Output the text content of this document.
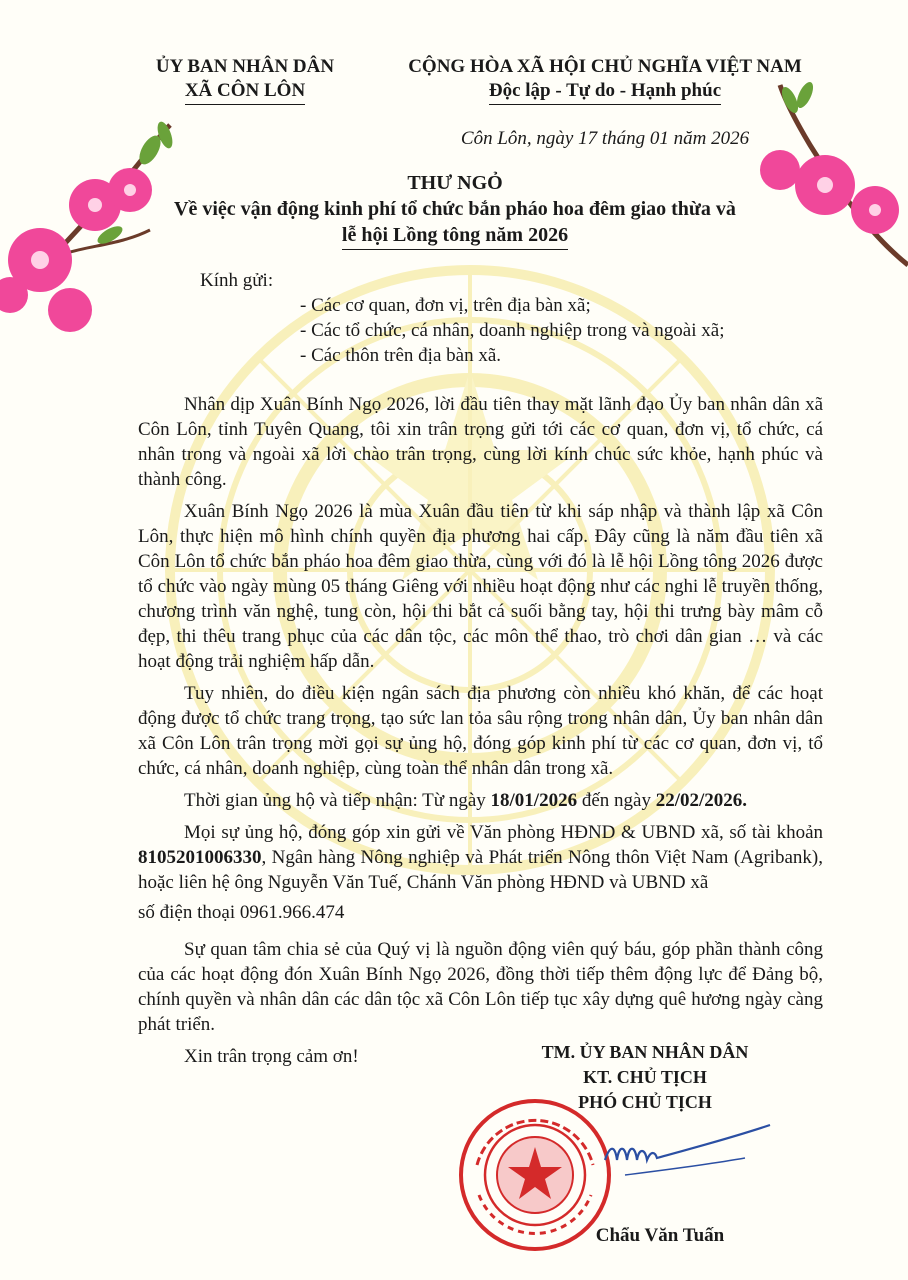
ỦY BAN NHÂN DÂN
XÃ CÔN LÔN
CỘNG HÒA XÃ HỘI CHỦ NGHĨA VIỆT NAM
Độc lập - Tự do - Hạnh phúc
Côn Lôn, ngày 17 tháng 01 năm 2026
THƯ NGỎ
Về việc vận động kinh phí tổ chức bắn pháo hoa đêm giao thừa và
lễ hội Lồng tông năm 2026
Kính gửi:
- Các cơ quan, đơn vị, trên địa bàn xã;
- Các tổ chức, cá nhân, doanh nghiệp trong và ngoài xã;
- Các thôn trên địa bàn xã.

Nhân dịp Xuân Bính Ngọ 2026, lời đầu tiên thay mặt lãnh đạo Ủy ban nhân dân xã Côn Lôn, tỉnh Tuyên Quang, tôi xin trân trọng gửi tới các cơ quan, đơn vị, tổ chức, cá nhân trong và ngoài xã lời chào trân trọng, cùng lời kính chúc sức khỏe, hạnh phúc và thành công.

Xuân Bính Ngọ 2026 là mùa Xuân đầu tiên từ khi sáp nhập và thành lập xã Côn Lôn, thực hiện mô hình chính quyền địa phương hai cấp. Đây cũng là năm đầu tiên xã Côn Lôn tổ chức bắn pháo hoa đêm giao thừa, cùng với đó là lễ hội Lồng tông 2026 được tổ chức vào ngày mùng 05 tháng Giêng với nhiều hoạt động như các nghi lễ truyền thống, chương trình văn nghệ, tung còn, hội thi bắt cá suối bằng tay, hội thi trưng bày mâm cỗ đẹp, thi thêu trang phục của các dân tộc, các môn thể thao, trò chơi dân gian … và các hoạt động trải nghiệm hấp dẫn.

Tuy nhiên, do điều kiện ngân sách địa phương còn nhiều khó khăn, để các hoạt động được tổ chức trang trọng, tạo sức lan tỏa sâu rộng trong nhân dân, Ủy ban nhân dân xã Côn Lôn trân trọng mời gọi sự ủng hộ, đóng góp kinh phí từ các cơ quan, đơn vị, tổ chức, cá nhân, doanh nghiệp, cùng toàn thể nhân dân trong xã.

Thời gian ủng hộ và tiếp nhận: Từ ngày 18/01/2026 đến ngày 22/02/2026.

Mọi sự ủng hộ, đóng góp xin gửi về Văn phòng HĐND & UBND xã, số tài khoản 8105201006330, Ngân hàng Nông nghiệp và Phát triển Nông thôn Việt Nam (Agribank), hoặc liên hệ ông Nguyễn Văn Tuế, Chánh Văn phòng HĐND và UBND xã

số điện thoại 0961.966.474

Sự quan tâm chia sẻ của Quý vị là nguồn động viên quý báu, góp phần thành công của các hoạt động đón Xuân Bính Ngọ 2026, đồng thời tiếp thêm động lực để Đảng bộ, chính quyền và nhân dân các dân tộc xã Côn Lôn tiếp tục xây dựng quê hương ngày càng phát triển.

Xin trân trọng cảm ơn!	TM. ỦY BAN NHÂN DÂN
KT. CHỦ TỊCH
PHÓ CHỦ TỊCH
Chẩu Văn Tuấn
